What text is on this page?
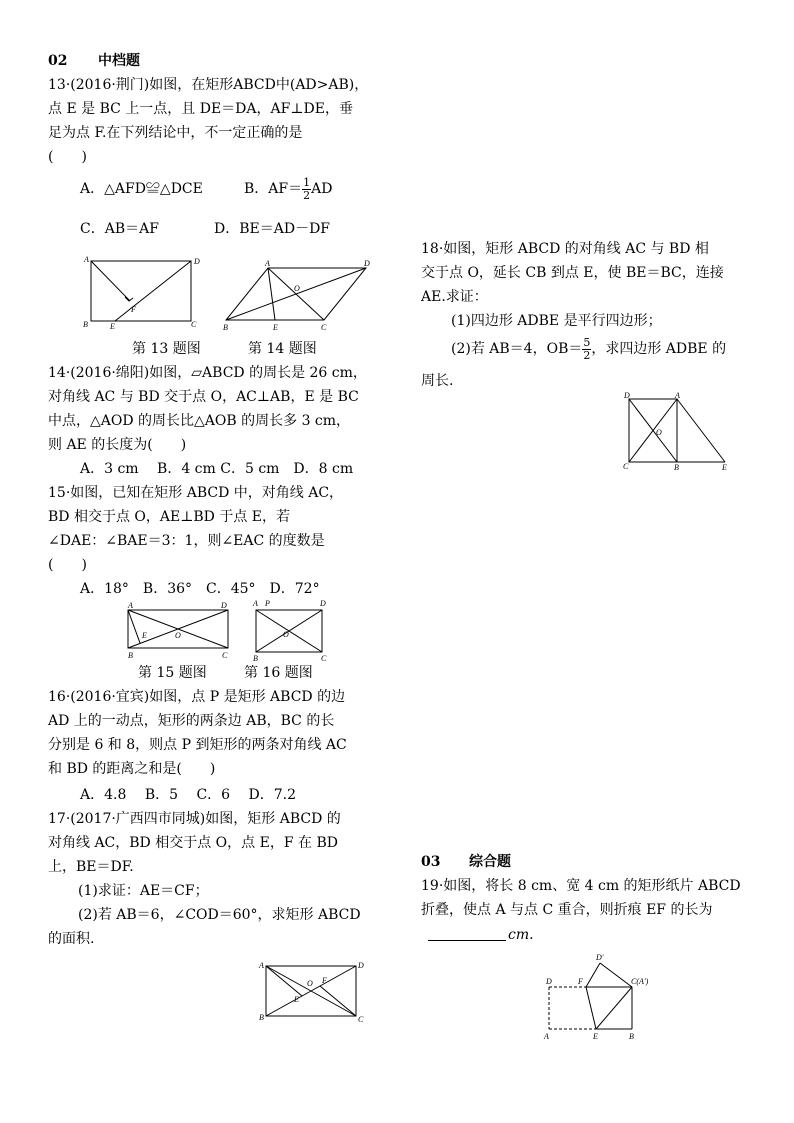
02 中档题
13·(2016·荆门)如图，在矩形ABCD中(AD>AB)，
点 E 是 BC 上一点，且 DE＝DA，AF⊥DE，垂
足为点 F.在下列结论中，不一定正确的是
(　　)
A．△AFD≌△DCE	B．$AF= \frac{1}{2}$ AD
C．AB＝AF	D．BE＝AD－DF
A	D
B	E	C
F
A	D
B	E	C
O
第 13 题图	第 14 题图
14·(2016·绵阳)如图，▱ABCD 的周长是 26 cm，
对角线 AC 与 BD 交于点 O，AC⊥AB，E 是 BC
中点，△AOD 的周长比△AOB 的周长多 3 cm，
则 AE 的长度为(　　)
A．3 cm　 B．4 cm C．5 cm　D．8 cm
15·如图，已知在矩形 ABCD 中，对角线 AC，
BD 相交于点 O，AE⊥BD 于点 E，若
∠DAE：∠BAE＝3：1，则∠EAC 的度数是
(　　)
A．18°　B．36°　C．45°　D．72°
A	D
B	C
E	O
A P	D
B	C
O
第 15 题图	第 16 题图
16·(2016·宜宾)如图，点 P 是矩形 ABCD 的边
AD 上的一动点，矩形的两条边 AB，BC 的长
分别是 6 和 8，则点 P 到矩形的两条对角线 AC
和 BD 的距离之和是(　　)
A．4.8　 B．5　 C．6　 D．7.2
17·(2017·广西四市同城)如图，矩形 ABCD 的
对角线 AC，BD 相交于点 O，点 E，F 在 BD
上，BE＝DF.
(1)求证：AE＝CF；
(2)若 AB＝6，∠COD＝60°，求矩形 ABCD
的面积.
A	D
B	C
E
F
O
18·如图，矩形 ABCD 的对角线 AC 与 BD 相
交于点 O，延长 CB 到点 E，使 BE＝BC，连接
AE.求证：
(1)四边形 ADBE 是平行四边形；
(2)若 AB＝4，$OB= \frac{5}{2}$ ，求四边形 ADBE 的
周长.
D	A
C	B	E
O
03 综合题
19·如图，将长 8 cm、宽 4 cm 的矩形纸片 ABCD
折叠，使点 A 与点 C 重合，则折痕 EF 的长为
cm.
D	F
D′
C(A′)
A	E	B
